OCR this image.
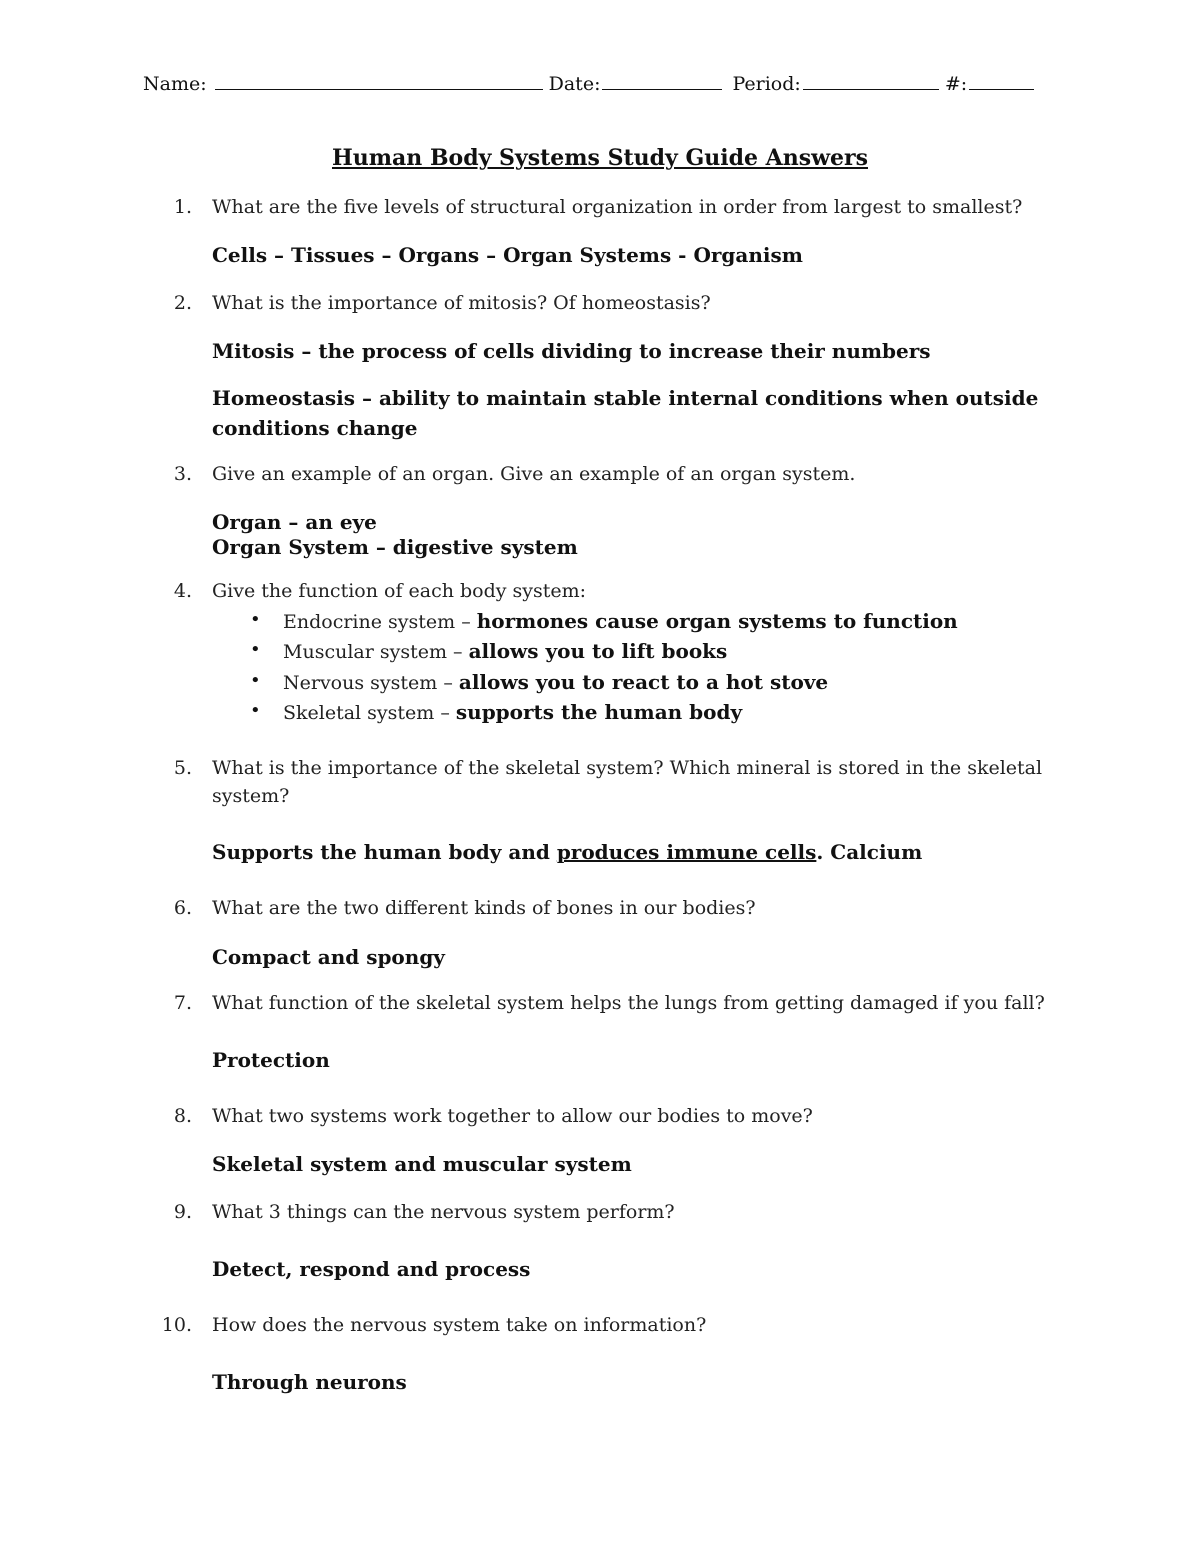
Name:	Date:	Period:	#:
Human Body Systems Study Guide Answers
1. What are the five levels of structural organization in order from largest to smallest?
Cells – Tissues – Organs – Organ Systems - Organism
2. What is the importance of mitosis? Of homeostasis?
Mitosis – the process of cells dividing to increase their numbers
Homeostasis – ability to maintain stable internal conditions when outside
conditions change
3. Give an example of an organ. Give an example of an organ system.
Organ – an eye
Organ System – digestive system
4. Give the function of each body system:
• Endocrine system – hormones cause organ systems to function
• Muscular system – allows you to lift books
• Nervous system – allows you to react to a hot stove
• Skeletal system – supports the human body
5. What is the importance of the skeletal system? Which mineral is stored in the skeletal
system?
Supports the human body and produces immune cells. Calcium
6. What are the two different kinds of bones in our bodies?
Compact and spongy
7. What function of the skeletal system helps the lungs from getting damaged if you fall?
Protection
8. What two systems work together to allow our bodies to move?
Skeletal system and muscular system
9. What 3 things can the nervous system perform?
Detect, respond and process
10. How does the nervous system take on information?
Through neurons
